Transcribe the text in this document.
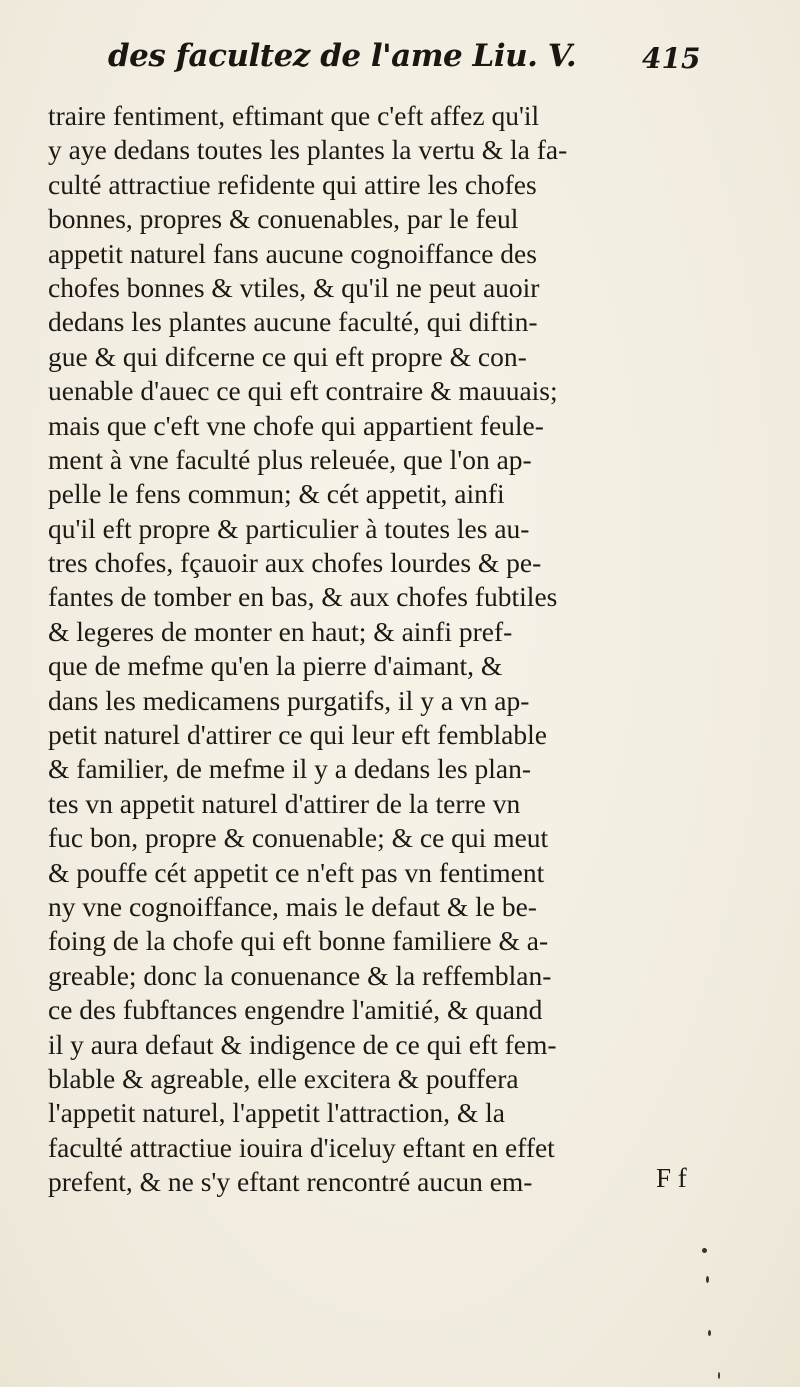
des facultez de l'ame Liu. V. 415
traire fentiment, eftimant que c'eft affez qu'il
y aye dedans toutes les plantes la vertu & la fa-
culté attractiue refidente qui attire les chofes
bonnes, propres & conuenables, par le feul
appetit naturel fans aucune cognoiffance des
chofes bonnes & vtiles, & qu'il ne peut auoir
dedans les plantes aucune faculté, qui diftin-
gue & qui difcerne ce qui eft propre & con-
uenable d'auec ce qui eft contraire & mauuais;
mais que c'eft vne chofe qui appartient feule-
ment à vne faculté plus releuée, que l'on ap-
pelle le fens commun; & cét appetit, ainfi
qu'il eft propre & particulier à toutes les au-
tres chofes, fçauoir aux chofes lourdes & pe-
fantes de tomber en bas, & aux chofes fubtiles
& legeres de monter en haut; & ainfi pref-
que de mefme qu'en la pierre d'aimant, &
dans les medicamens purgatifs, il y a vn ap-
petit naturel d'attirer ce qui leur eft femblable
& familier, de mefme il y a dedans les plan-
tes vn appetit naturel d'attirer de la terre vn
fuc bon, propre & conuenable; & ce qui meut
& pouffe cét appetit ce n'eft pas vn fentiment
ny vne cognoiffance, mais le defaut & le be-
foing de la chofe qui eft bonne familiere & a-
greable; donc la conuenance & la reffemblan-
ce des fubftances engendre l'amitié, & quand
il y aura defaut & indigence de ce qui eft fem-
blable & agreable, elle excitera & pouffera
l'appetit naturel, l'appetit l'attraction, & la
faculté attractiue iouira d'iceluy eftant en effet
prefent, & ne s'y eftant rencontré aucun em-	F f
